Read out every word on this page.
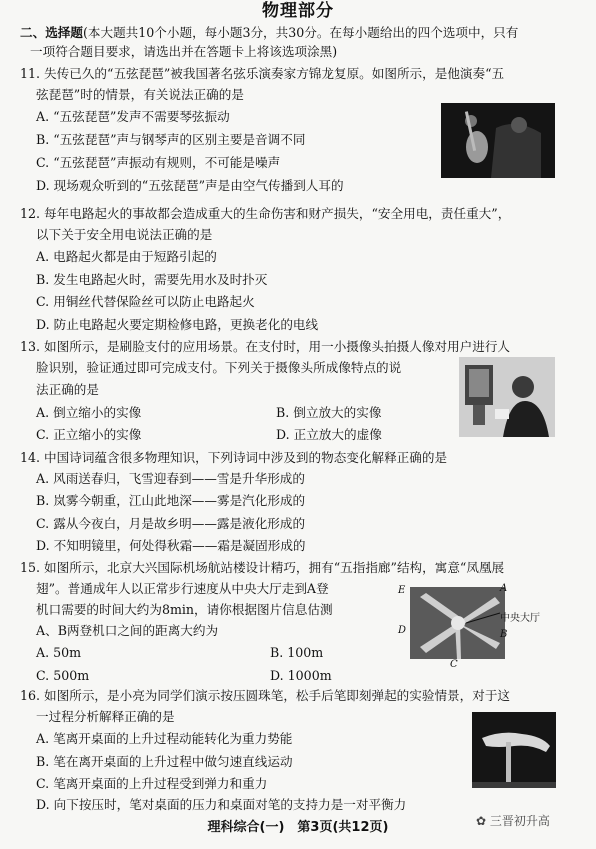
物理部分
二、选择题(本大题共10个小题，每小题3分，共30分。在每小题给出的四个选项中，只有
一项符合题目要求，请选出并在答题卡上将该选项涂黑)
11. 失传已久的“五弦琵琶”被我国著名弦乐演奏家方锦龙复原。如图所示，是他演奏“五
弦琵琶”时的情景，有关说法正确的是
A. “五弦琵琶”发声不需要琴弦振动
B. “五弦琵琶”声与钢琴声的区别主要是音调不同
C. “五弦琵琶”声振动有规则，不可能是噪声
D. 现场观众听到的“五弦琵琶”声是由空气传播到人耳的
12. 每年电路起火的事故都会造成重大的生命伤害和财产损失，“安全用电，责任重大”，
以下关于安全用电说法正确的是
A. 电路起火都是由于短路引起的
B. 发生电路起火时，需要先用水及时扑灭
C. 用铜丝代替保险丝可以防止电路起火
D. 防止电路起火要定期检修电路，更换老化的电线
13. 如图所示，是刷脸支付的应用场景。在支付时，用一小摄像头拍摄人像对用户进行人
脸识别，验证通过即可完成支付。下列关于摄像头所成像特点的说
法正确的是
A. 倒立缩小的实像	B. 倒立放大的实像
C. 正立缩小的实像	D. 正立放大的虚像
14. 中国诗词蕴含很多物理知识，下列诗词中涉及到的物态变化解释正确的是
A. 风雨送春归，飞雪迎春到——雪是升华形成的
B. 岚雾今朝重，江山此地深——雾是汽化形成的
C. 露从今夜白，月是故乡明——露是液化形成的
D. 不知明镜里，何处得秋霜——霜是凝固形成的
15. 如图所示，北京大兴国际机场航站楼设计精巧，拥有“五指指廊”结构，寓意“凤凰展
翅”。普通成年人以正常步行速度从中央大厅走到A登
机口需要的时间大约为8min，请你根据图片信息估测
A、B两登机口之间的距离大约为
A. 50m	B. 100m
C. 500m	D. 1000m
E	A
中央大厅
D	B
C
16. 如图所示，是小亮为同学们演示按压圆珠笔，松手后笔即刻弹起的实验情景，对于这
一过程分析解释正确的是
A. 笔离开桌面的上升过程动能转化为重力势能
B. 笔在离开桌面的上升过程中做匀速直线运动
C. 笔离开桌面的上升过程受到弹力和重力
D. 向下按压时，笔对桌面的压力和桌面对笔的支持力是一对平衡力
理科综合(一)　第3页(共12页)	✿ 三晋初升高
